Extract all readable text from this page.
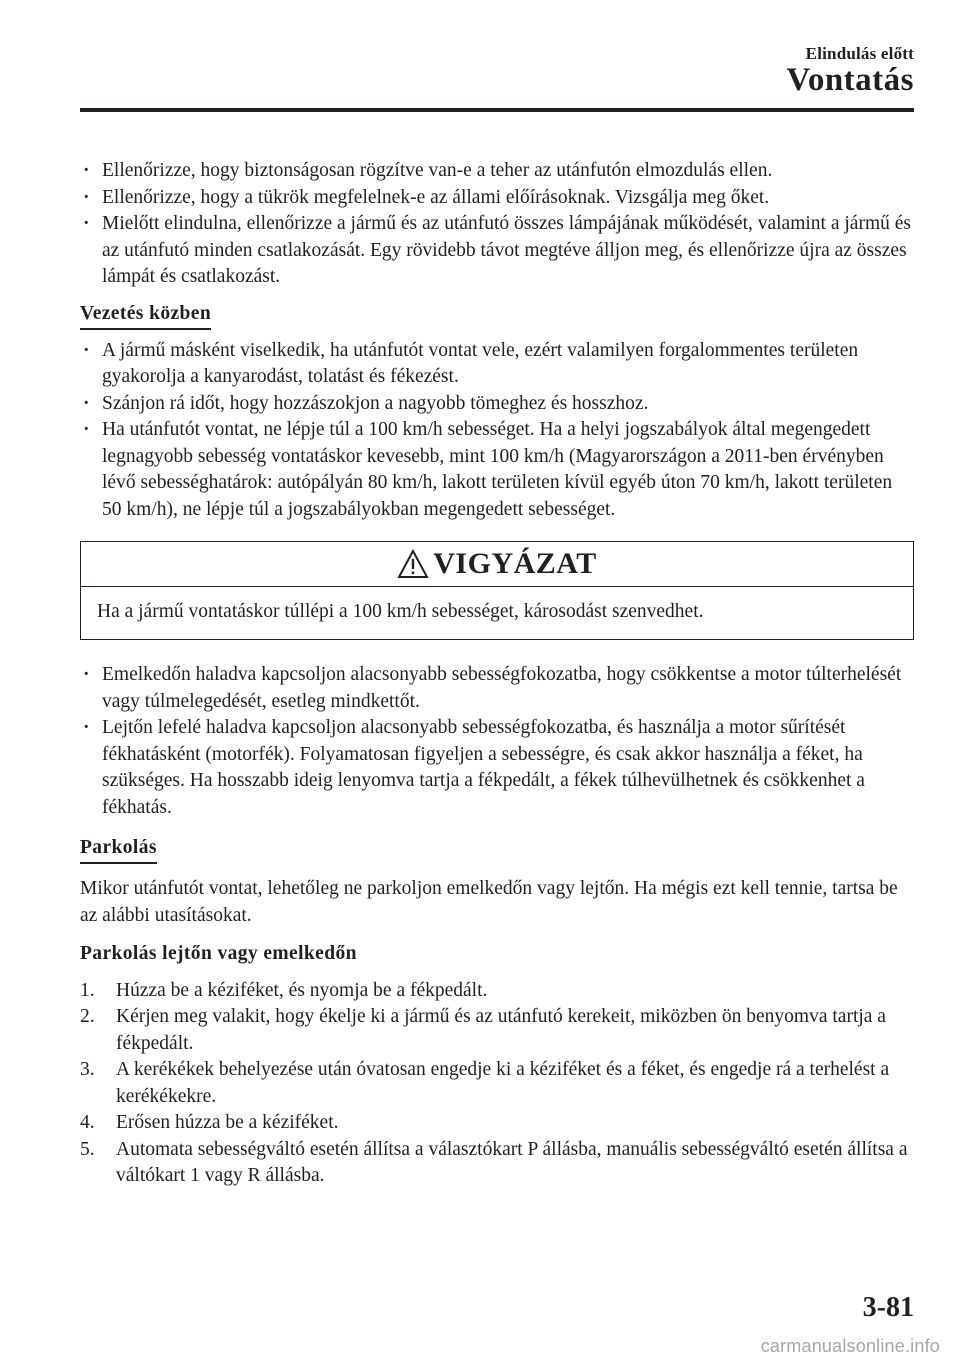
Elindulás előtt
Vontatás
· Ellenőrizze, hogy biztonságosan rögzítve van-e a teher az utánfutón elmozdulás ellen.
· Ellenőrizze, hogy a tükrök megfelelnek-e az állami előírásoknak. Vizsgálja meg őket.
· Mielőtt elindulna, ellenőrizze a jármű és az utánfutó összes lámpájának működését, valamint a jármű és az utánfutó minden csatlakozását. Egy rövidebb távot megtéve álljon meg, és ellenőrizze újra az összes lámpát és csatlakozást.
Vezetés közben
· A jármű másként viselkedik, ha utánfutót vontat vele, ezért valamilyen forgalommentes területen gyakorolja a kanyarodást, tolatást és fékezést.
· Szánjon rá időt, hogy hozzászokjon a nagyobb tömeghez és hosszhoz.
· Ha utánfutót vontat, ne lépje túl a 100 km/h sebességet. Ha a helyi jogszabályok által megengedett legnagyobb sebesség vontatáskor kevesebb, mint 100 km/h (Magyarországon a 2011-ben érvényben lévő sebességhatárok: autópályán 80 km/h, lakott területen kívül egyéb úton 70 km/h, lakott területen 50 km/h), ne lépje túl a jogszabályokban megengedett sebességet.
VIGYÁZAT
Ha a jármű vontatáskor túllépi a 100 km/h sebességet, károsodást szenvedhet.
· Emelkedőn haladva kapcsoljon alacsonyabb sebességfokozatba, hogy csökkentse a motor túlterhelését vagy túlmelegedését, esetleg mindkettőt.
· Lejtőn lefelé haladva kapcsoljon alacsonyabb sebességfokozatba, és használja a motor sűrítését fékhatásként (motorfék). Folyamatosan figyeljen a sebességre, és csak akkor használja a féket, ha szükséges. Ha hosszabb ideig lenyomva tartja a fékpedált, a fékek túlhevülhetnek és csökkenhet a fékhatás.
Parkolás
Mikor utánfutót vontat, lehetőleg ne parkoljon emelkedőn vagy lejtőn. Ha mégis ezt kell tennie, tartsa be az alábbi utasításokat.
Parkolás lejtőn vagy emelkedőn
1. Húzza be a kéziféket, és nyomja be a fékpedált.
2. Kérjen meg valakit, hogy ékelje ki a jármű és az utánfutó kerekeit, miközben ön benyomva tartja a fékpedált.
3. A kerékékek behelyezése után óvatosan engedje ki a kéziféket és a féket, és engedje rá a terhelést a kerékékekre.
4. Erősen húzza be a kéziféket.
5. Automata sebességváltó esetén állítsa a választókart P állásba, manuális sebességváltó esetén állítsa a váltókart 1 vagy R állásba.
3-81
carmanualsonline.info
